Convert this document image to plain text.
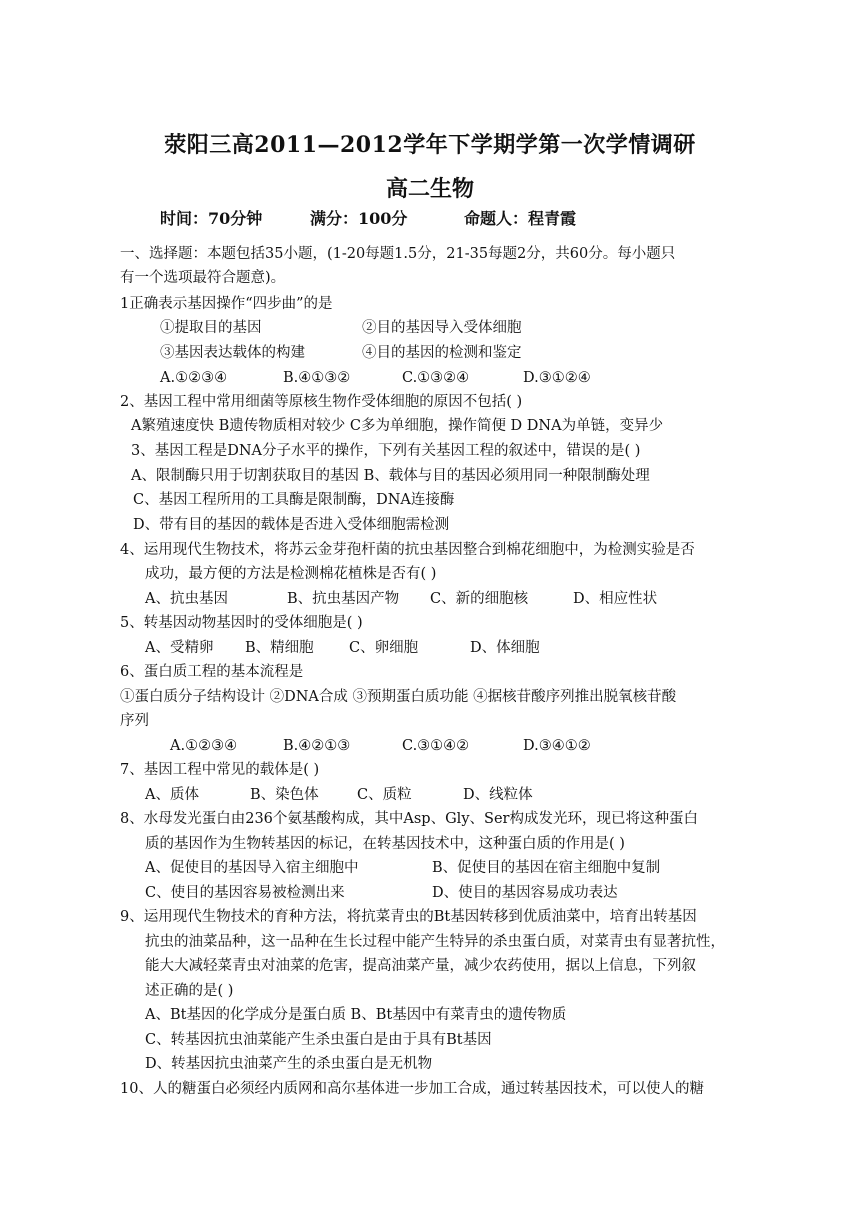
荥阳三高2011—2012学年下学期学第一次学情调研
高二生物
时间：70分钟	满分：100分	命题人：程青霞
一、选择题：本题包括35小题，(1-20每题1.5分，21-35每题2分，共60分。每小题只
有一个选项最符合题意)。
1正确表示基因操作“四步曲”的是
①提取目的基因	②目的基因导入受体细胞
③基因表达载体的构建	④目的基因的检测和鉴定
A.①②③④	B.④①③②	C.①③②④	D.③①②④
2、基因工程中常用细菌等原核生物作受体细胞的原因不包括( )
A繁殖速度快 B遗传物质相对较少 C多为单细胞，操作简便 D DNA为单链，变异少
3、基因工程是DNA分子水平的操作，下列有关基因工程的叙述中，错误的是( )
A、限制酶只用于切割获取目的基因 B、载体与目的基因必须用同一种限制酶处理
C、基因工程所用的工具酶是限制酶，DNA连接酶
D、带有目的基因的载体是否进入受体细胞需检测
4、运用现代生物技术，将苏云金芽孢杆菌的抗虫基因整合到棉花细胞中，为检测实验是否
成功，最方便的方法是检测棉花植株是否有( )
A、抗虫基因	B、抗虫基因产物 C、新的细胞核	D、相应性状
5、转基因动物基因时的受体细胞是( )
A、受精卵 B、精细胞 C、卵细胞	D、体细胞
6、蛋白质工程的基本流程是
①蛋白质分子结构设计 ②DNA合成 ③预期蛋白质功能 ④据核苷酸序列推出脱氧核苷酸
序列
A.①②③④	B.④②①③	C.③①④②	D.③④①②
7、基因工程中常见的载体是( )
A、质体	B、染色体	C、质粒	D、线粒体
8、水母发光蛋白由236个氨基酸构成，其中Asp、Gly、Ser构成发光环，现已将这种蛋白
质的基因作为生物转基因的标记，在转基因技术中，这种蛋白质的作用是( )
A、促使目的基因导入宿主细胞中	B、促使目的基因在宿主细胞中复制
C、使目的基因容易被检测出来	D、使目的基因容易成功表达
9、运用现代生物技术的育种方法，将抗菜青虫的Bt基因转移到优质油菜中，培育出转基因
抗虫的油菜品种，这一品种在生长过程中能产生特异的杀虫蛋白质，对菜青虫有显著抗性，
能大大减轻菜青虫对油菜的危害，提高油菜产量，减少农药使用，据以上信息，下列叙
述正确的是( )
A、Bt基因的化学成分是蛋白质 B、Bt基因中有菜青虫的遗传物质
C、转基因抗虫油菜能产生杀虫蛋白是由于具有Bt基因
D、转基因抗虫油菜产生的杀虫蛋白是无机物
10、人的糖蛋白必须经内质网和高尔基体进一步加工合成，通过转基因技术，可以使人的糖
